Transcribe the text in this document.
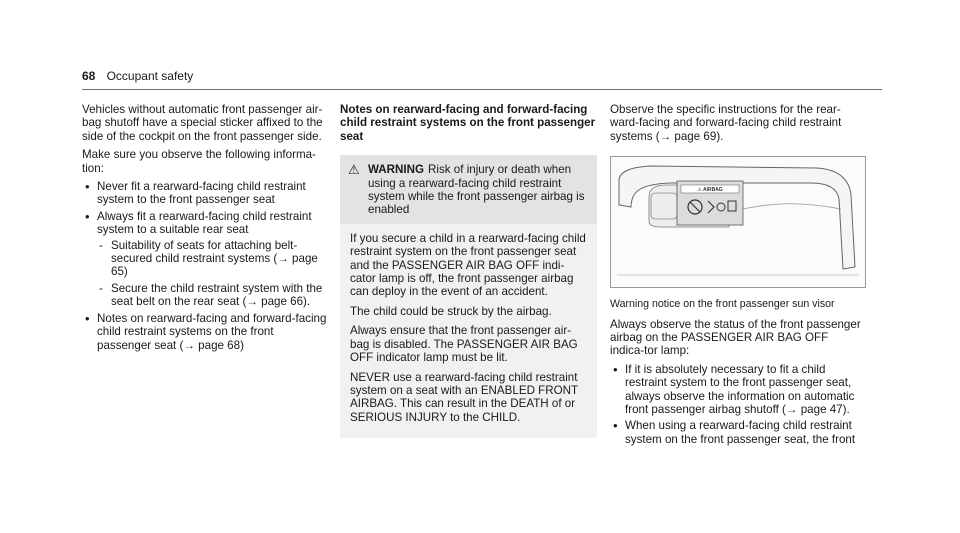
68 Occupant safety

Vehicles without automatic front passenger air-bag shutoff have a special sticker affixed to the side of the cockpit on the front passenger side.

Make sure you observe the following informa-tion:

• Never fit a rearward-facing child restraint system to the front passenger seat
• Always fit a rearward-facing child restraint system to a suitable rear seat
- Suitability of seats for attaching belt-secured child restraint systems (→ page 65)
- Secure the child restraint system with the seat belt on the rear seat (→ page 66).
• Notes on rearward-facing and forward-facing child restraint systems on the front passenger seat (→ page 68)

Notes on rearward-facing and forward-facing child restraint systems on the front passenger seat

⚠ WARNING Risk of injury or death when using a rearward-facing child restraint system while the front passenger airbag is enabled

If you secure a child in a rearward-facing child restraint system on the front passenger seat and the PASSENGER AIR BAG OFF indi-cator lamp is off, the front passenger airbag can deploy in the event of an accident.

The child could be struck by the airbag.

Always ensure that the front passenger air-bag is disabled. The PASSENGER AIR BAG OFF indicator lamp must be lit.

NEVER use a rearward-facing child restraint system on a seat with an ENABLED FRONT AIRBAG. This can result in the DEATH of or SERIOUS INJURY to the CHILD.

Observe the specific instructions for the rear-ward-facing and forward-facing child restraint systems (→ page 69).

⚠ AIRBAG

Warning notice on the front passenger sun visor

Always observe the status of the front passenger airbag on the PASSENGER AIR BAG OFF indica-tor lamp:

• If it is absolutely necessary to fit a child restraint system to the front passenger seat, always observe the information on automatic front passenger airbag shutoff (→ page 47).
• When using a rearward-facing child restraint system on the front passenger seat, the front
